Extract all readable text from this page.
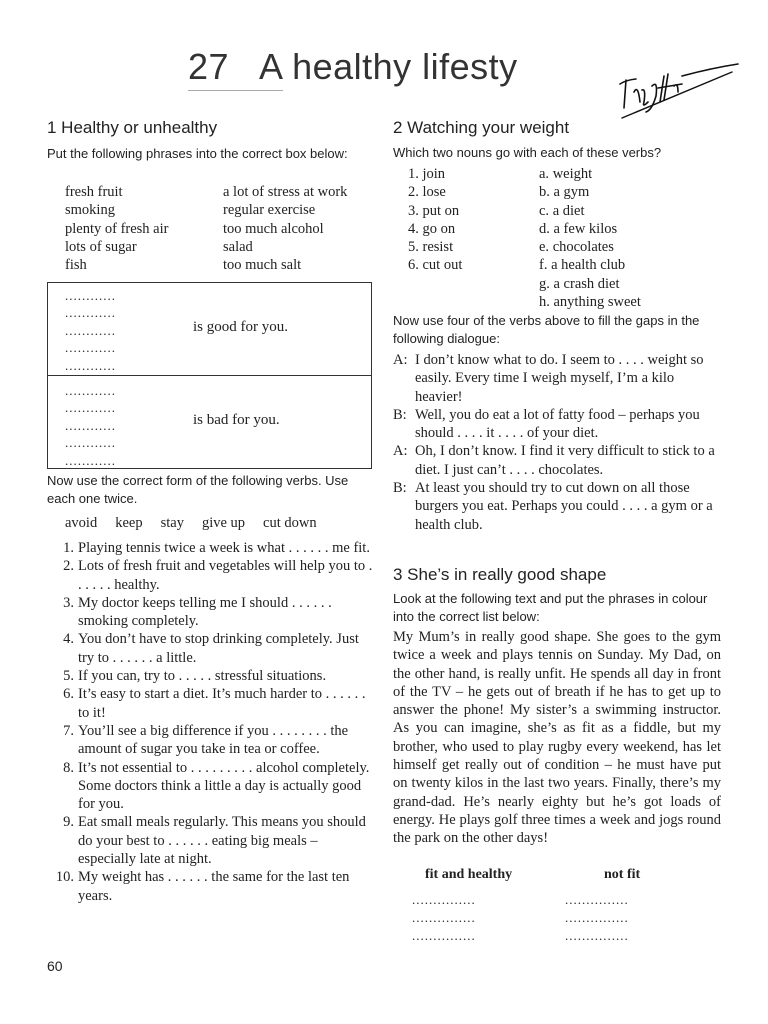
27 A healthy lifesty
1 Healthy or unhealthy
Put the following phrases into the correct box below:
fresh fruit
smoking
plenty of fresh air
lots of sugar
fish
a lot of stress at work
regular exercise
too much alcohol
salad
too much salt
............
............
............
............
............
is good for you.
............
............
............
............
............
is bad for you.
Now use the correct form of the following verbs. Use each one twice.
avoid keep stay give up cut down
1. Playing tennis twice a week is what . . . . . . me fit.
2. Lots of fresh fruit and vegetables will help you to . . . . . . healthy.
3. My doctor keeps telling me I should . . . . . . smoking completely.
4. You don’t have to stop drinking completely. Just try to . . . . . . a little.
5. If you can, try to . . . . . stressful situations.
6. It’s easy to start a diet. It’s much harder to . . . . . . to it!
7. You’ll see a big difference if you . . . . . . . . the amount of sugar you take in tea or coffee.
8. It’s not essential to . . . . . . . . . alcohol completely. Some doctors think a little a day is actually good for you.
9. Eat small meals regularly. This means you should do your best to . . . . . . eating big meals – especially late at night.
10. My weight has . . . . . . the same for the last ten years.
2 Watching your weight
Which two nouns go with each of these verbs?
1. join
2. lose
3. put on
4. go on
5. resist
6. cut out
a. weight
b. a gym
c. a diet
d. a few kilos
e. chocolates
f. a health club
g. a crash diet
h. anything sweet
Now use four of the verbs above to fill the gaps in the following dialogue:
A: I don’t know what to do. I seem to . . . . weight so easily. Every time I weigh myself, I’m a kilo heavier!
B: Well, you do eat a lot of fatty food – perhaps you should . . . . it . . . . of your diet.
A: Oh, I don’t know. I find it very difficult to stick to a diet. I just can’t . . . . chocolates.
B: At least you should try to cut down on all those burgers you eat. Perhaps you could . . . . a gym or a health club.
3 She’s in really good shape
Look at the following text and put the phrases in colour into the correct list below:
My Mum’s in really good shape. She goes to the gym twice a week and plays tennis on Sunday. My Dad, on the other hand, is really unfit. He spends all day in front of the TV – he gets out of breath if he has to get up to answer the phone! My sister’s a swimming instructor. As you can imagine, she’s as fit as a fiddle, but my brother, who used to play rugby every weekend, has let himself get really out of condition – he must have put on twenty kilos in the last two years. Finally, there’s my grand-dad. He’s nearly eighty but he’s got loads of energy. He plays golf three times a week and jogs round the park on the other days!
fit and healthy	not fit
...............
...............
...............
...............
...............
...............
60
